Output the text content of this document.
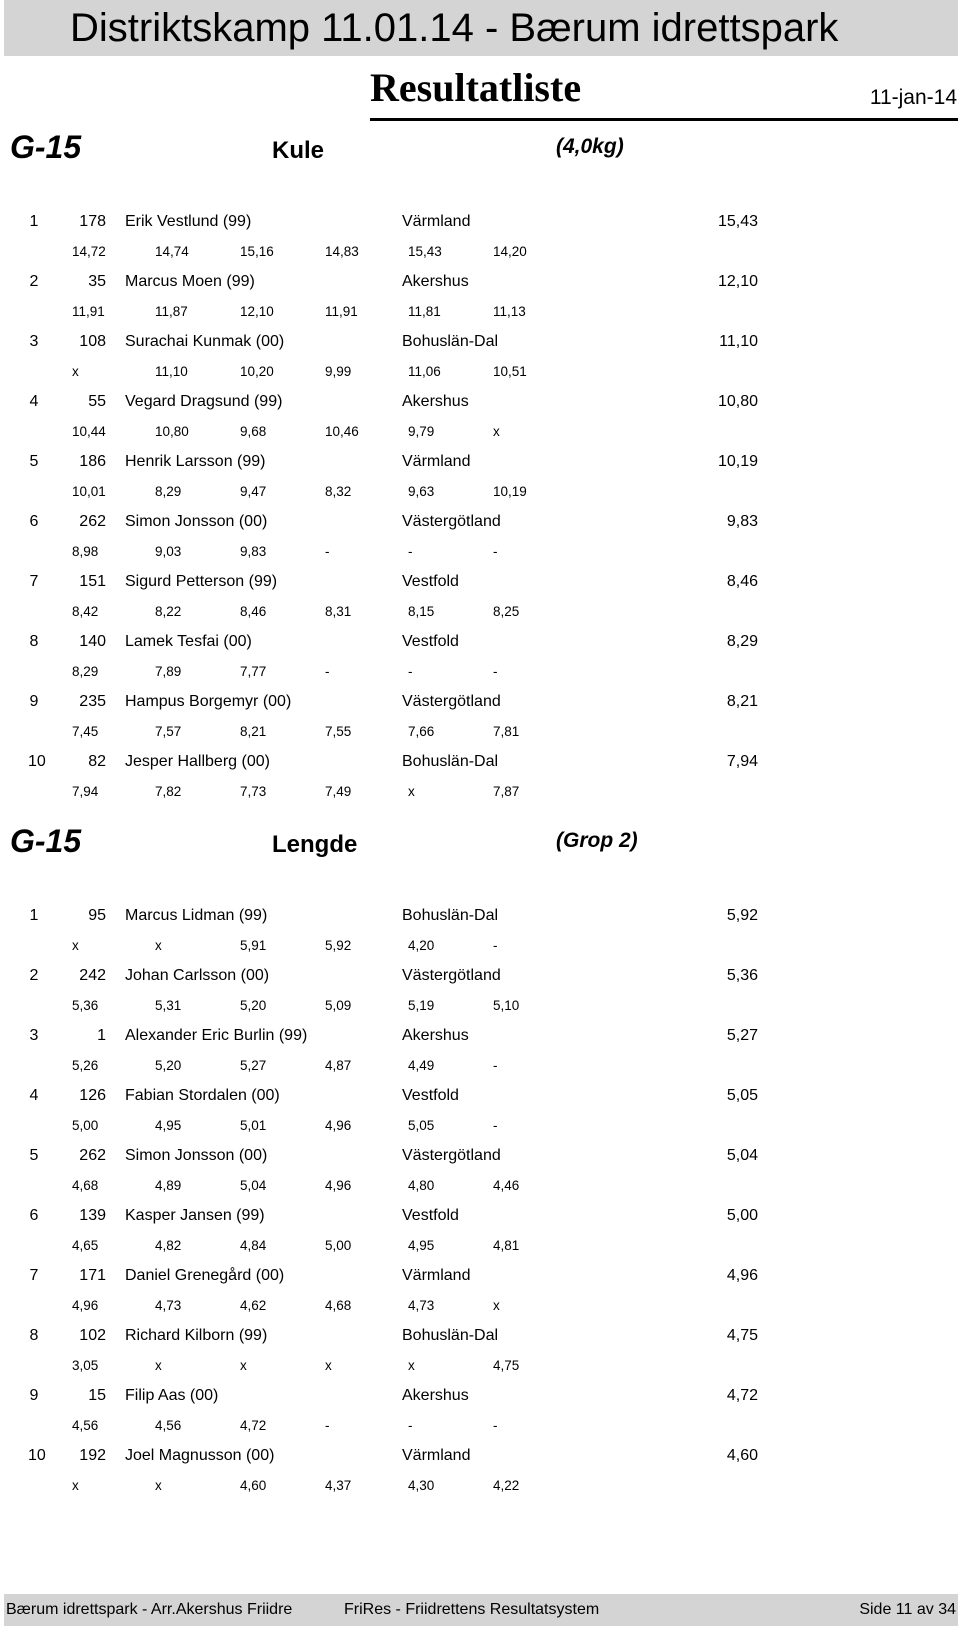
Distriktskamp 11.01.14 - Bærum idrettspark
Resultatliste	11-jan-14
G-15	Kule	(4,0kg)
1	178 Erik Vestlund (99)	Värmland	15,43
14,72	14,74	15,16	14,83	15,43	14,20
2	35 Marcus Moen (99)	Akershus	12,10
11,91	11,87	12,10	11,91	11,81	11,13
3	108 Surachai Kunmak (00)	Bohuslän-Dal	11,10
x	11,10	10,20	9,99	11,06	10,51
4	55 Vegard Dragsund (99)	Akershus	10,80
10,44	10,80	9,68	10,46	9,79	x
5	186 Henrik Larsson (99)	Värmland	10,19
10,01	8,29	9,47	8,32	9,63	10,19
6	262 Simon Jonsson (00)	Västergötland	9,83
8,98	9,03	9,83	-	-	-
7	151 Sigurd Petterson (99)	Vestfold	8,46
8,42	8,22	8,46	8,31	8,15	8,25
8	140 Lamek Tesfai (00)	Vestfold	8,29
8,29	7,89	7,77	-	-	-
9	235 Hampus Borgemyr (00)	Västergötland	8,21
7,45	7,57	8,21	7,55	7,66	7,81
10	82 Jesper Hallberg (00)	Bohuslän-Dal	7,94
7,94	7,82	7,73	7,49	x	7,87
G-15	Lengde	(Grop 2)
1	95 Marcus Lidman (99)	Bohuslän-Dal	5,92
x	x	5,91	5,92	4,20	-
2	242 Johan Carlsson (00)	Västergötland	5,36
5,36	5,31	5,20	5,09	5,19	5,10
3	1 Alexander Eric Burlin (99)	Akershus	5,27
5,26	5,20	5,27	4,87	4,49	-
4	126 Fabian Stordalen (00)	Vestfold	5,05
5,00	4,95	5,01	4,96	5,05	-
5	262 Simon Jonsson (00)	Västergötland	5,04
4,68	4,89	5,04	4,96	4,80	4,46
6	139 Kasper Jansen (99)	Vestfold	5,00
4,65	4,82	4,84	5,00	4,95	4,81
7	171 Daniel Grenegård (00)	Värmland	4,96
4,96	4,73	4,62	4,68	4,73	x
8	102 Richard Kilborn (99)	Bohuslän-Dal	4,75
3,05	x	x	x	x	4,75
9	15 Filip Aas (00)	Akershus	4,72
4,56	4,56	4,72	-	-	-
10	192 Joel Magnusson (00)	Värmland	4,60
x	x	4,60	4,37	4,30	4,22
Bærum idrettspark - Arr.Akershus Friidre	FriRes - Friidrettens Resultatsystem	Side 11 av 34
